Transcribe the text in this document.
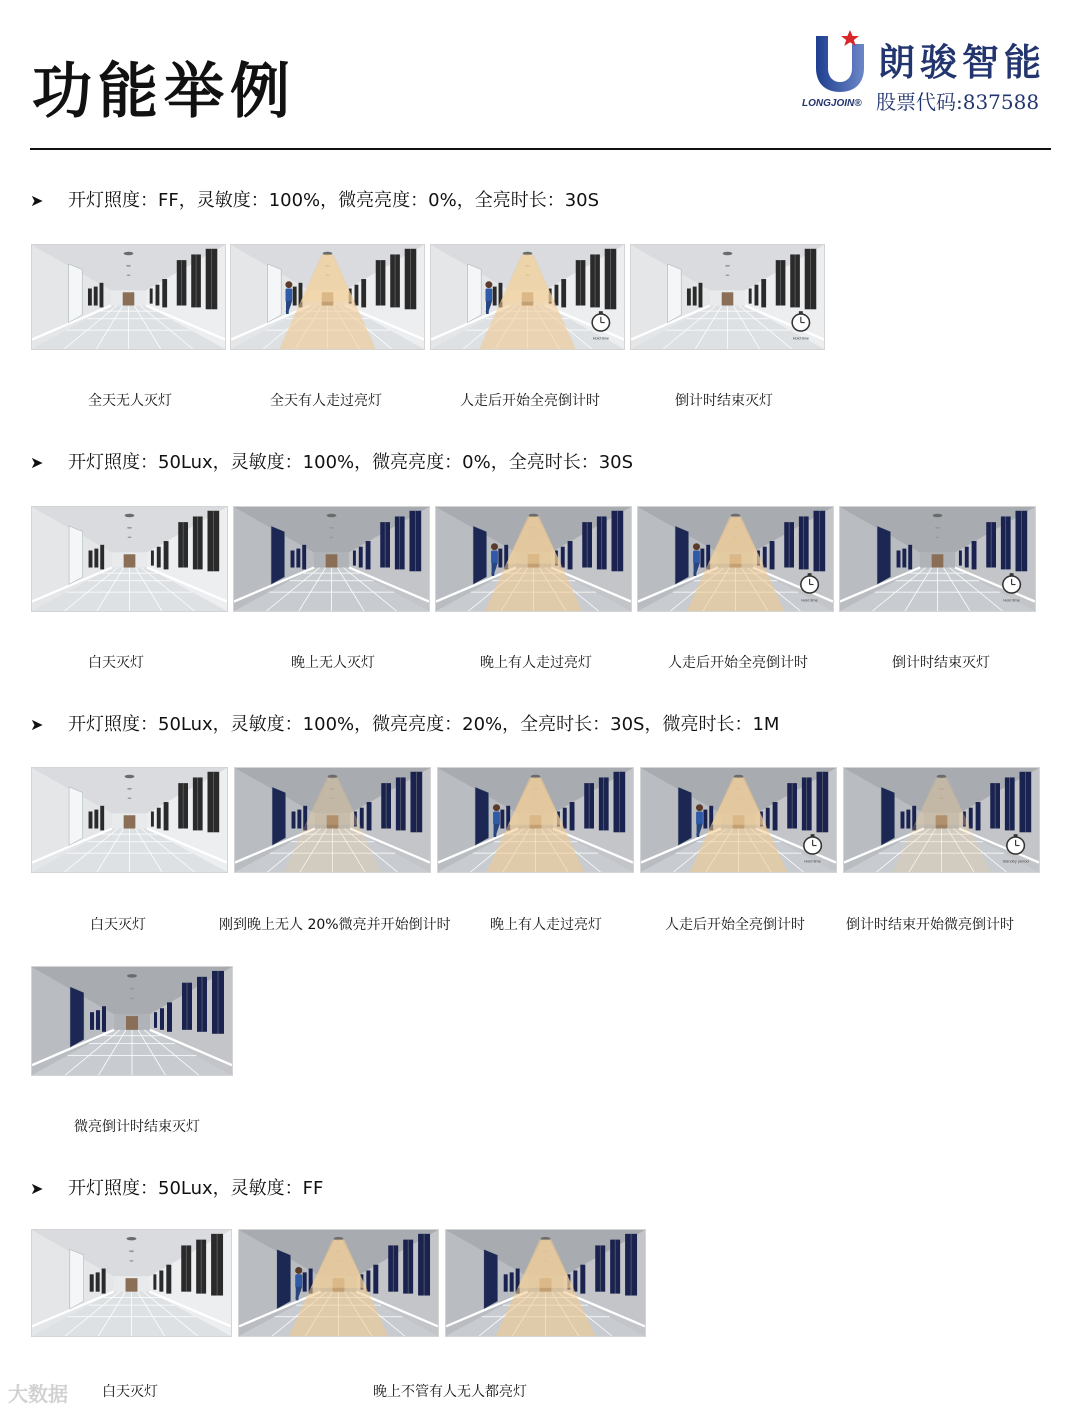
功能举例	朗骏智能
股票代码:837588
LONGJOIN®
➤ 开灯照度：FF，灵敏度：100%，微亮亮度：0%，全亮时长：30S
Hold time	Hold time
全天无人灭灯	全天有人走过亮灯	人走后开始全亮倒计时	倒计时结束灭灯
➤ 开灯照度：50Lux，灵敏度：100%，微亮亮度：0%，全亮时长：30S
Hold time	Hold time
白天灭灯	晚上无人灭灯	晚上有人走过亮灯	人走后开始全亮倒计时	倒计时结束灭灯
➤ 开灯照度：50Lux，灵敏度：100%，微亮亮度：20%，全亮时长：30S，微亮时长：1M
Hold time	Standby period
白天灭灯	刚到晚上无人 20%微亮并开始倒计时	晚上有人走过亮灯	人走后开始全亮倒计时	倒计时结束开始微亮倒计时
微亮倒计时结束灭灯
➤ 开灯照度：50Lux，灵敏度：FF
白天灭灯	晚上不管有人无人都亮灯
大数据
